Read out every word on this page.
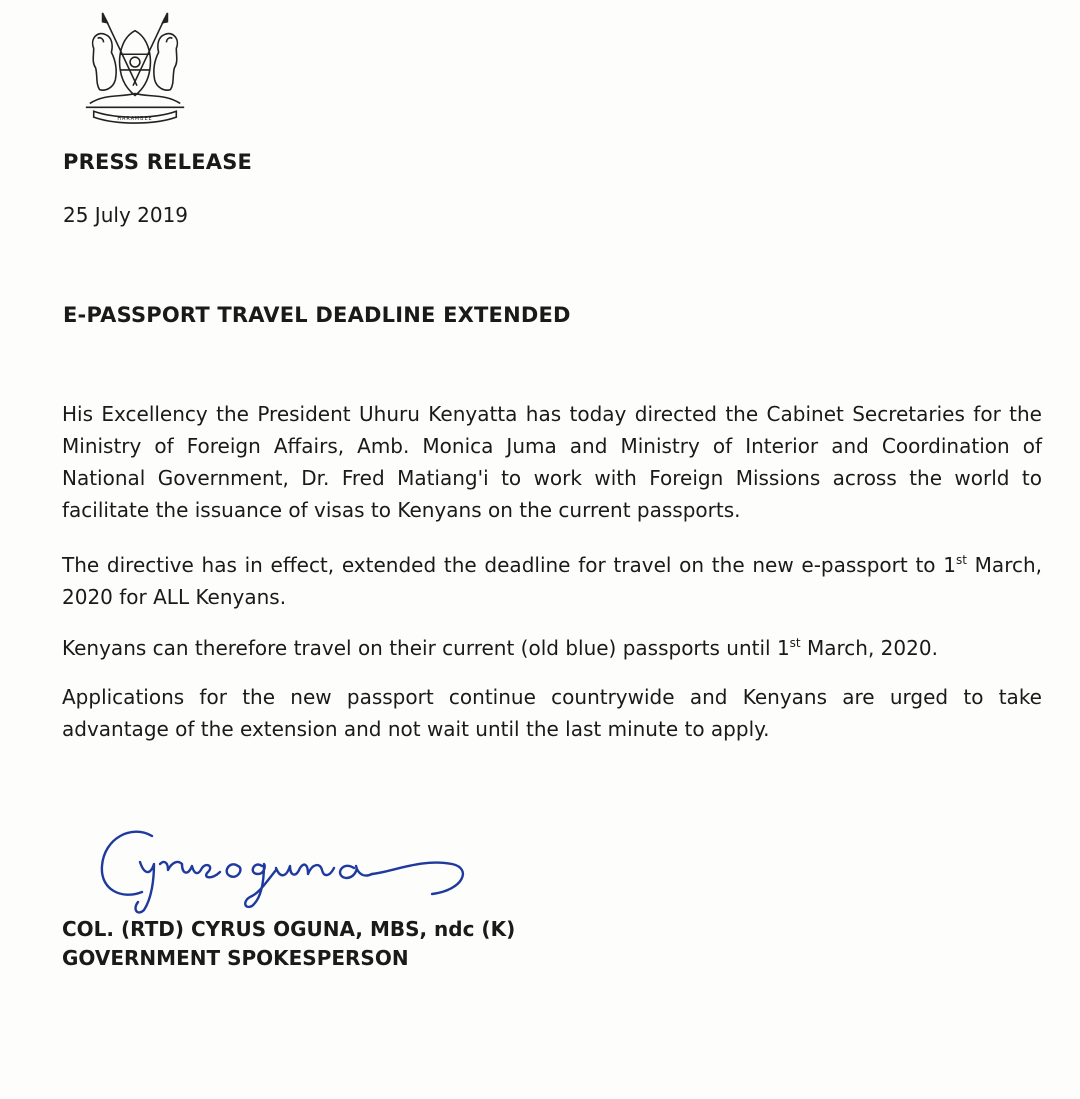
HARAMBEE
PRESS RELEASE
25 July 2019
E-PASSPORT TRAVEL DEADLINE EXTENDED

His Excellency the President Uhuru Kenyatta has today directed the Cabinet Secretaries for the Ministry of Foreign Affairs, Amb. Monica Juma and Ministry of Interior and Coordination of National Government, Dr. Fred Matiang'i to work with Foreign Missions across the world to facilitate the issuance of visas to Kenyans on the current passports.

The directive has in effect, extended the deadline for travel on the new e-passport to 1st March, 2020 for ALL Kenyans.

Kenyans can therefore travel on their current (old blue) passports until 1st March, 2020.

Applications for the new passport continue countrywide and Kenyans are urged to take advantage of the extension and not wait until the last minute to apply.

COL. (RTD) CYRUS OGUNA, MBS, ndc (K)
GOVERNMENT SPOKESPERSON
